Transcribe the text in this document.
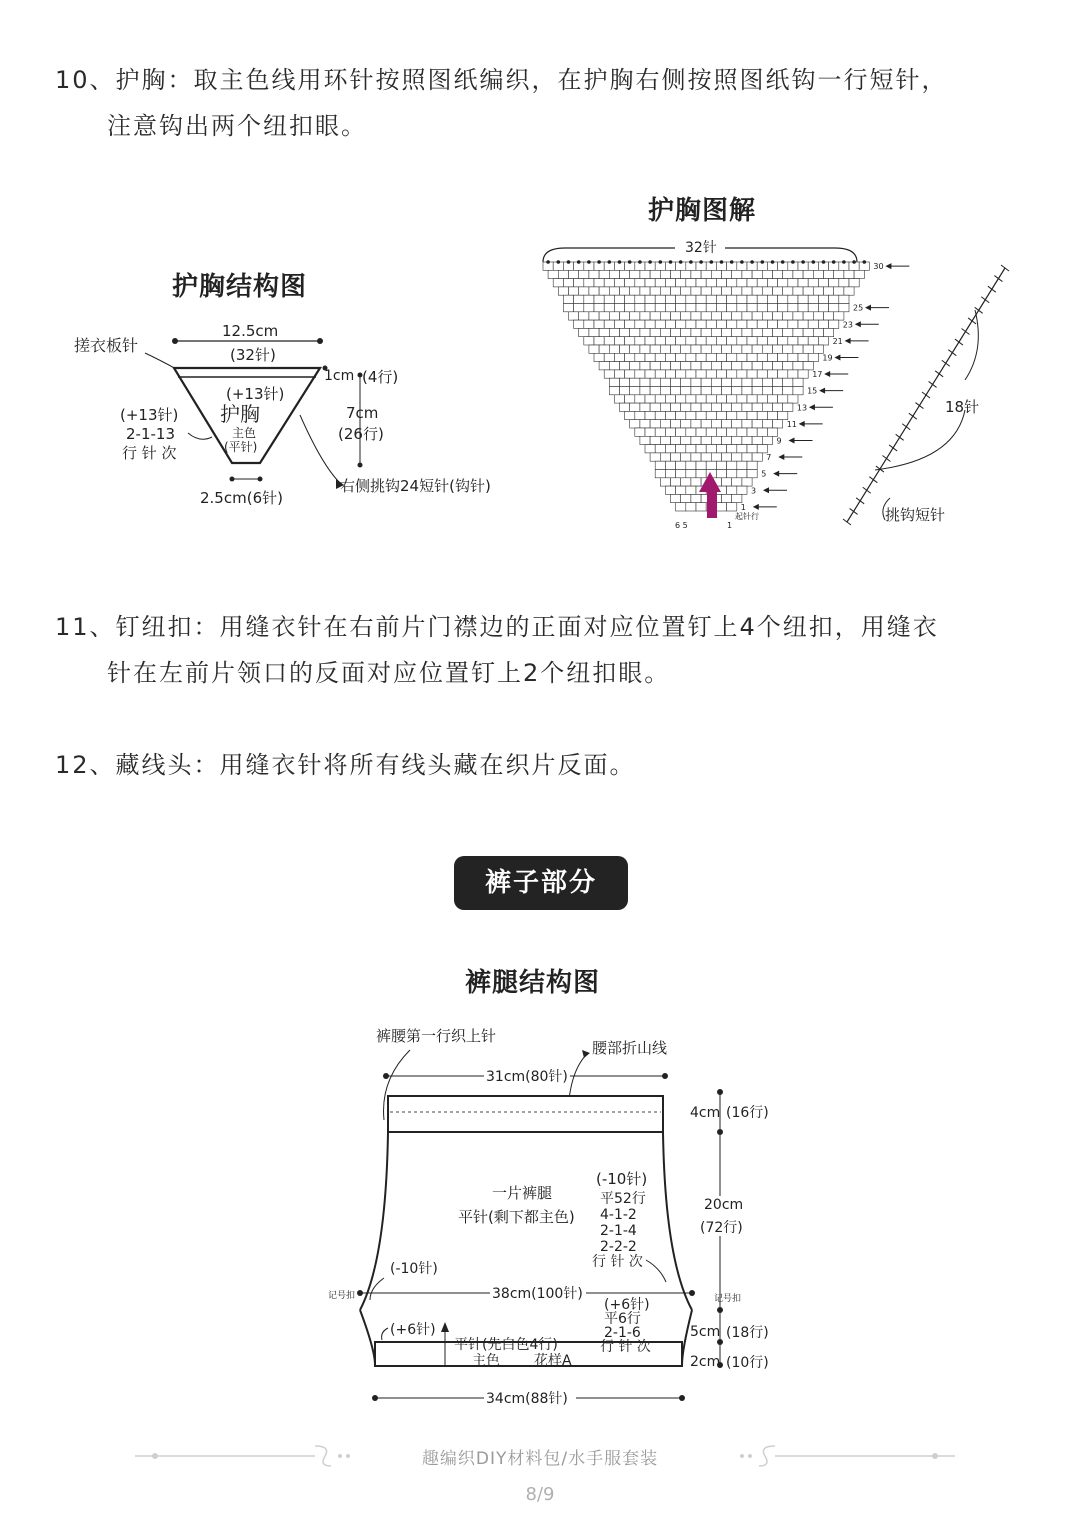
10、护胸：取主色线用环针按照图纸编织，在护胸右侧按照图纸钩一行短针，
注意钩出两个纽扣眼。
11、钉纽扣：用缝衣针在右前片门襟边的正面对应位置钉上4个纽扣，用缝衣
针在左前片领口的反面对应位置钉上2个纽扣眼。
12、藏线头：用缝衣针将所有线头藏在织片反面。
护胸结构图
护胸图解
12.5cm
(32针)
搓衣板针
(+13针)
护胸
主色
(平针)
(+13针)
2-1-13
行 针 次
1cm (4行)
7cm
(26行)
2.5cm(6针)
右侧挑钩24短针(钩针)
32针
30
25
23
21
19
17
15
13
11
9
7
5
3
1
6 5	1
起针行
18针
挑钩短针
裤子部分
裤腿结构图
裤腰第一行织上针
腰部折山线
31cm(80针)
平针(先白色4行)
主色 花样A
一片裤腿
平针(剩下都主色)
(-10针)
平52行
4-1-2
2-1-4
2-2-2
行 针 次
(-10针)
38cm(100针)
记号扣	记号扣
(+6针)
平6行
2-1-6
行 针 次
(+6针)
4cm (16行)
20cm
(72行)
5cm (18行)
2cm (10行)
34cm(88针)
趣编织DIY材料包/水手服套装
8/9
